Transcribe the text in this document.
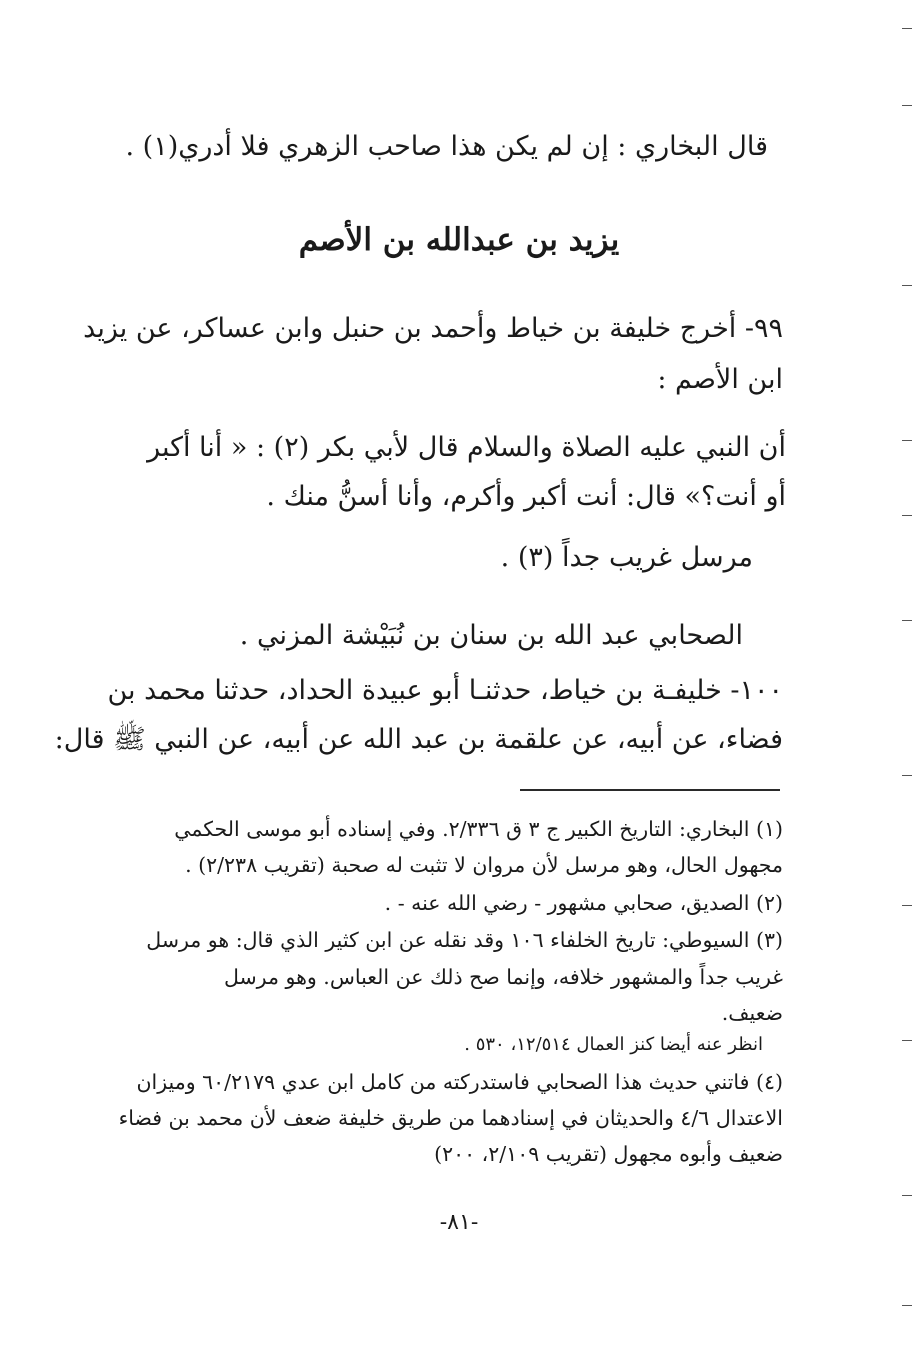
قال البخاري : إن لم يكن هذا صاحب الزهري فلا أدري(١) .
يزيد بن عبدالله بن الأصم
٩٩- أخرج خليفة بن خياط وأحمد بن حنبل وابن عساكر، عن يزيد
ابن الأصم :
أن النبي عليه الصلاة والسلام قال لأبي بكر (٢) : « أنا أكبر
أو أنت؟» قال: أنت أكبر وأكرم، وأنا أسنُّ منك .
مرسل غريب جداً (٣) .
الصحابي عبد الله بن سنان بن نُبَيْشة المزني .
١٠٠- خليفـة بن خياط، حدثنـا أبو عبيدة الحداد، حدثنا محمد بن
فضاء، عن أبيه، عن علقمة بن عبد الله عن أبيه، عن النبي ﷺ قال:
(١) البخاري: التاريخ الكبير ج ٣ ق ٢/٣٣٦. وفي إسناده أبو موسى الحكمي
مجهول الحال، وهو مرسل لأن مروان لا تثبت له صحبة (تقريب ٢/٢٣٨) .
(٢) الصديق، صحابي مشهور - رضي الله عنه - .
(٣) السيوطي: تاريخ الخلفاء ١٠٦ وقد نقله عن ابن كثير الذي قال: هو مرسل
غريب جداً والمشهور خلافه، وإنما صح ذلك عن العباس. وهو مرسل
ضعيف.
انظر عنه أيضا كنز العمال ١٢/٥١٤، ٥٣٠ .
(٤) فاتني حديث هذا الصحابي فاستدركته من كامل ابن عدي ٦٠/٢١٧٩ وميزان
الاعتدال ٤/٦ والحديثان في إسنادهما من طريق خليفة ضعف لأن محمد بن فضاء
ضعيف وأبوه مجهول (تقريب ٢/١٠٩، ٢٠٠)
-٨١-
